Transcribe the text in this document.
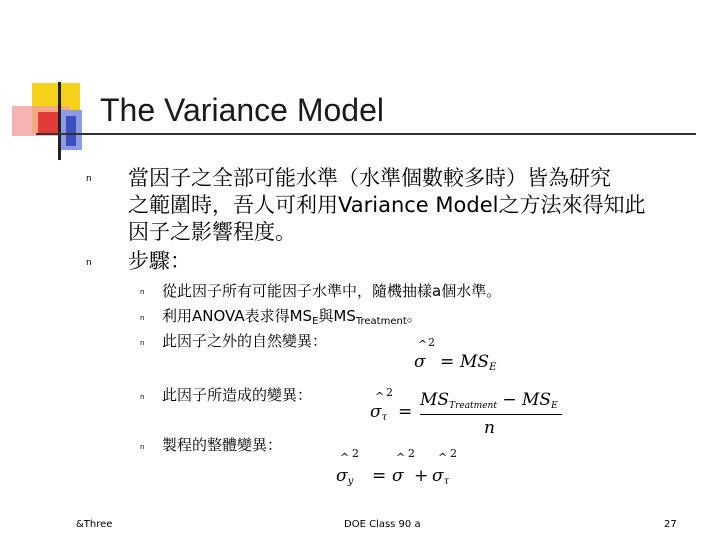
The Variance Model
n 當因子之全部可能水準（水準個數較多時）皆為研究
之範圍時，吾人可利用Variance Model之方法來得知此
因子之影響程度。
n 步驟：
n 從此因子所有可能因子水準中，隨機抽樣a個水準。
n 利用ANOVA表求得$MS_E$與$MS_{Treatment}$。
n 此因子之外的自然變異：
n 此因子所造成的變異：
n 製程的整體變異：
^ 2
$\sigma = MS_E$
^ 2
$\sigma_\tau$ =
$MS_{Treatment} - MS_E$
n
^ 2	^ 2 ^ 2
$\sigma_y = \sigma + \sigma_\tau$
&Three	DOE Class 90 a	27
